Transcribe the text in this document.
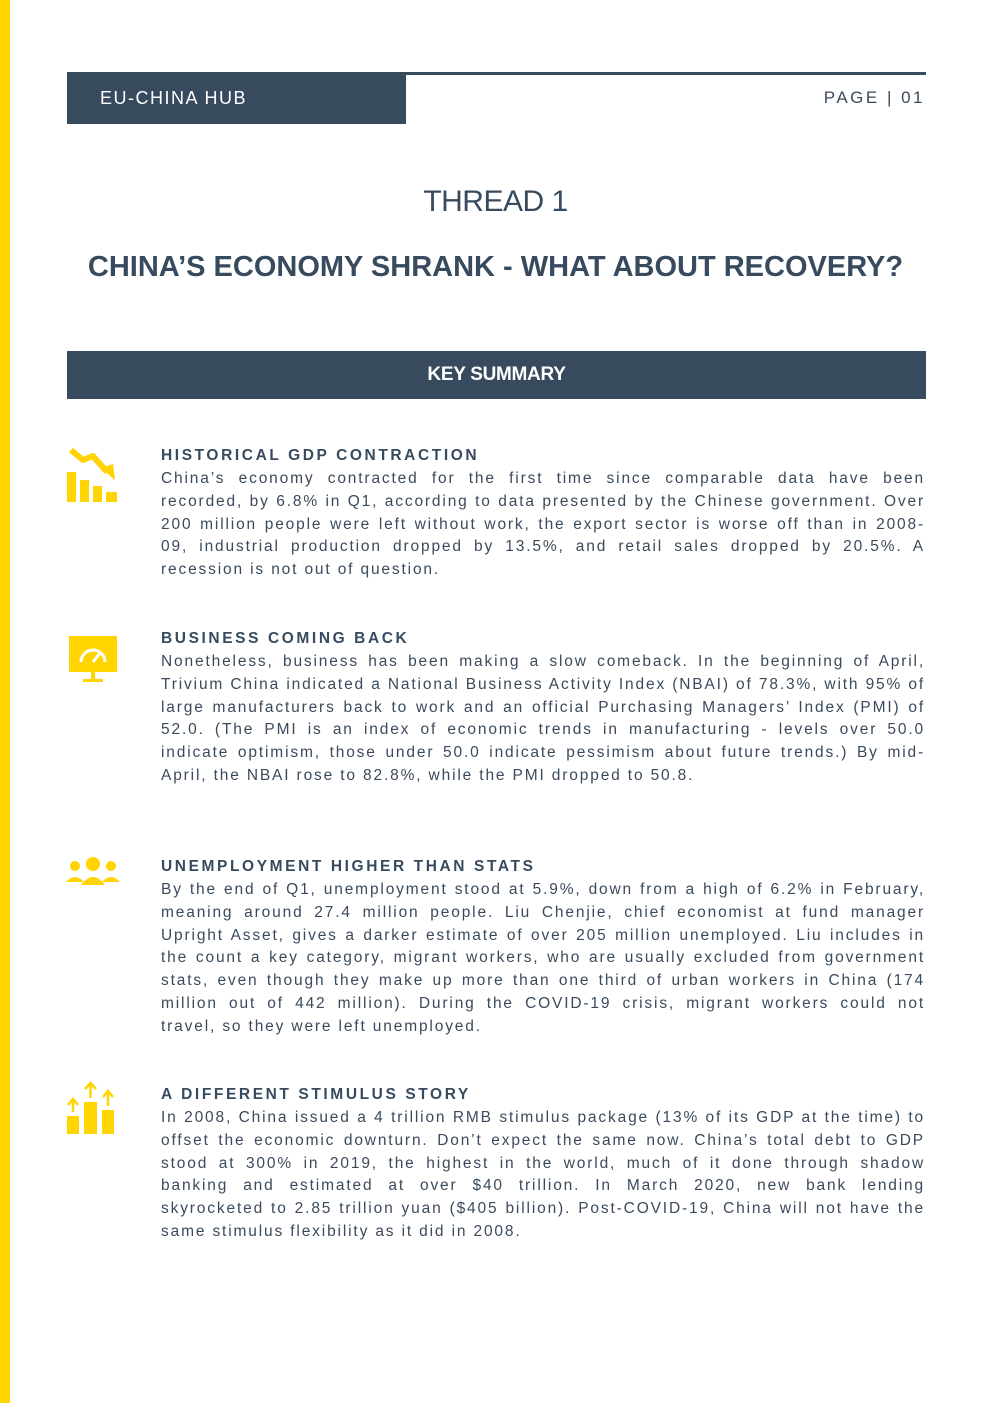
EU-CHINA HUB	PAGE | 01
THREAD 1
CHINA’S ECONOMY SHRANK - WHAT ABOUT RECOVERY?
KEY SUMMARY
HISTORICAL GDP CONTRACTION
China’s economy contracted for the first time since comparable data have been recorded, by 6.8% in Q1, according to data presented by the Chinese government. Over 200 million people were left without work, the export sector is worse off than in 2008-09, industrial production dropped by 13.5%, and retail sales dropped by 20.5%. A recession is not out of question.
BUSINESS COMING BACK
Nonetheless, business has been making a slow comeback. In the beginning of April, Trivium China indicated a National Business Activity Index (NBAI) of 78.3%, with 95% of large manufacturers back to work and an official Purchasing Managers’ Index (PMI) of 52.0. (The PMI is an index of economic trends in manufacturing - levels over 50.0 indicate optimism, those under 50.0 indicate pessimism about future trends.) By mid-April, the NBAI rose to 82.8%, while the PMI dropped to 50.8.
UNEMPLOYMENT HIGHER THAN STATS
By the end of Q1, unemployment stood at 5.9%, down from a high of 6.2% in February, meaning around 27.4 million people. Liu Chenjie, chief economist at fund manager Upright Asset, gives a darker estimate of over 205 million unemployed. Liu includes in the count a key category, migrant workers, who are usually excluded from government stats, even though they make up more than one third of urban workers in China (174 million out of 442 million). During the COVID-19 crisis, migrant workers could not travel, so they were left unemployed.
A DIFFERENT STIMULUS STORY
In 2008, China issued a 4 trillion RMB stimulus package (13% of its GDP at the time) to offset the economic downturn. Don’t expect the same now. China’s total debt to GDP stood at 300% in 2019, the highest in the world, much of it done through shadow banking and estimated at over $40 trillion. In March 2020, new bank lending skyrocketed to 2.85 trillion yuan ($405 billion). Post-COVID-19, China will not have the same stimulus flexibility as it did in 2008.
